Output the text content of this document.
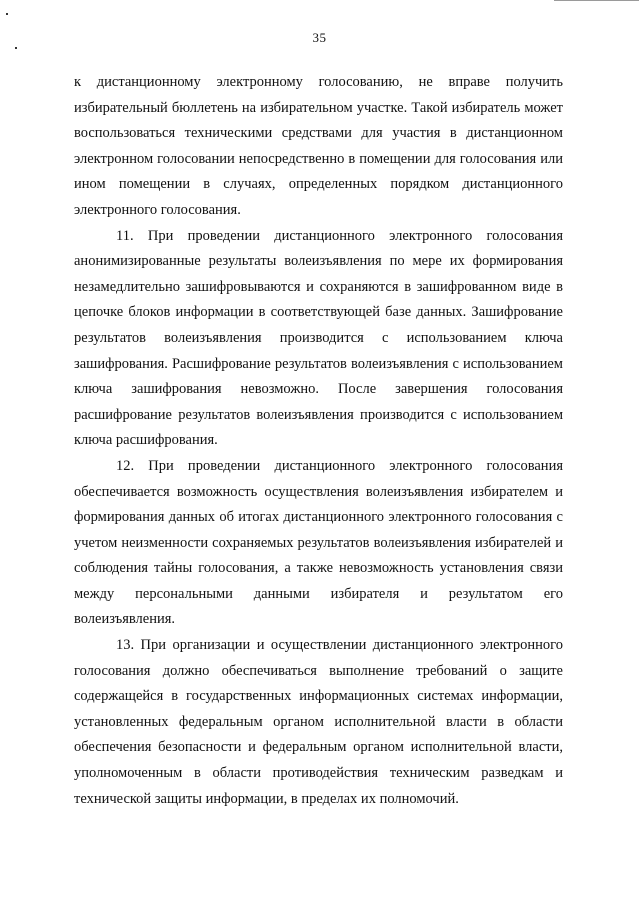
35

к дистанционному электронному голосованию, не вправе получить избирательный бюллетень на избирательном участке. Такой избиратель может воспользоваться техническими средствами для участия в дистанционном электронном голосовании непосредственно в помещении для голосования или ином помещении в случаях, определенных порядком дистанционного электронного голосования.

11. При проведении дистанционного электронного голосования анонимизированные результаты волеизъявления по мере их формирования незамедлительно зашифровываются и сохраняются в зашифрованном виде в цепочке блоков информации в соответствующей базе данных. Зашифрование результатов волеизъявления производится с использованием ключа зашифрования. Расшифрование результатов волеизъявления с использованием ключа зашифрования невозможно. После завершения голосования расшифрование результатов волеизъявления производится с использованием ключа расшифрования.

12. При проведении дистанционного электронного голосования обеспечивается возможность осуществления волеизъявления избирателем и формирования данных об итогах дистанционного электронного голосования с учетом неизменности сохраняемых результатов волеизъявления избирателей и соблюдения тайны голосования, а также невозможность установления связи между персональными данными избирателя и результатом его волеизъявления.

13. При организации и осуществлении дистанционного электронного голосования должно обеспечиваться выполнение требований о защите содержащейся в государственных информационных системах информации, установленных федеральным органом исполнительной власти в области обеспечения безопасности и федеральным органом исполнительной власти, уполномоченным в области противодействия техническим разведкам и технической защиты информации, в пределах их полномочий.
